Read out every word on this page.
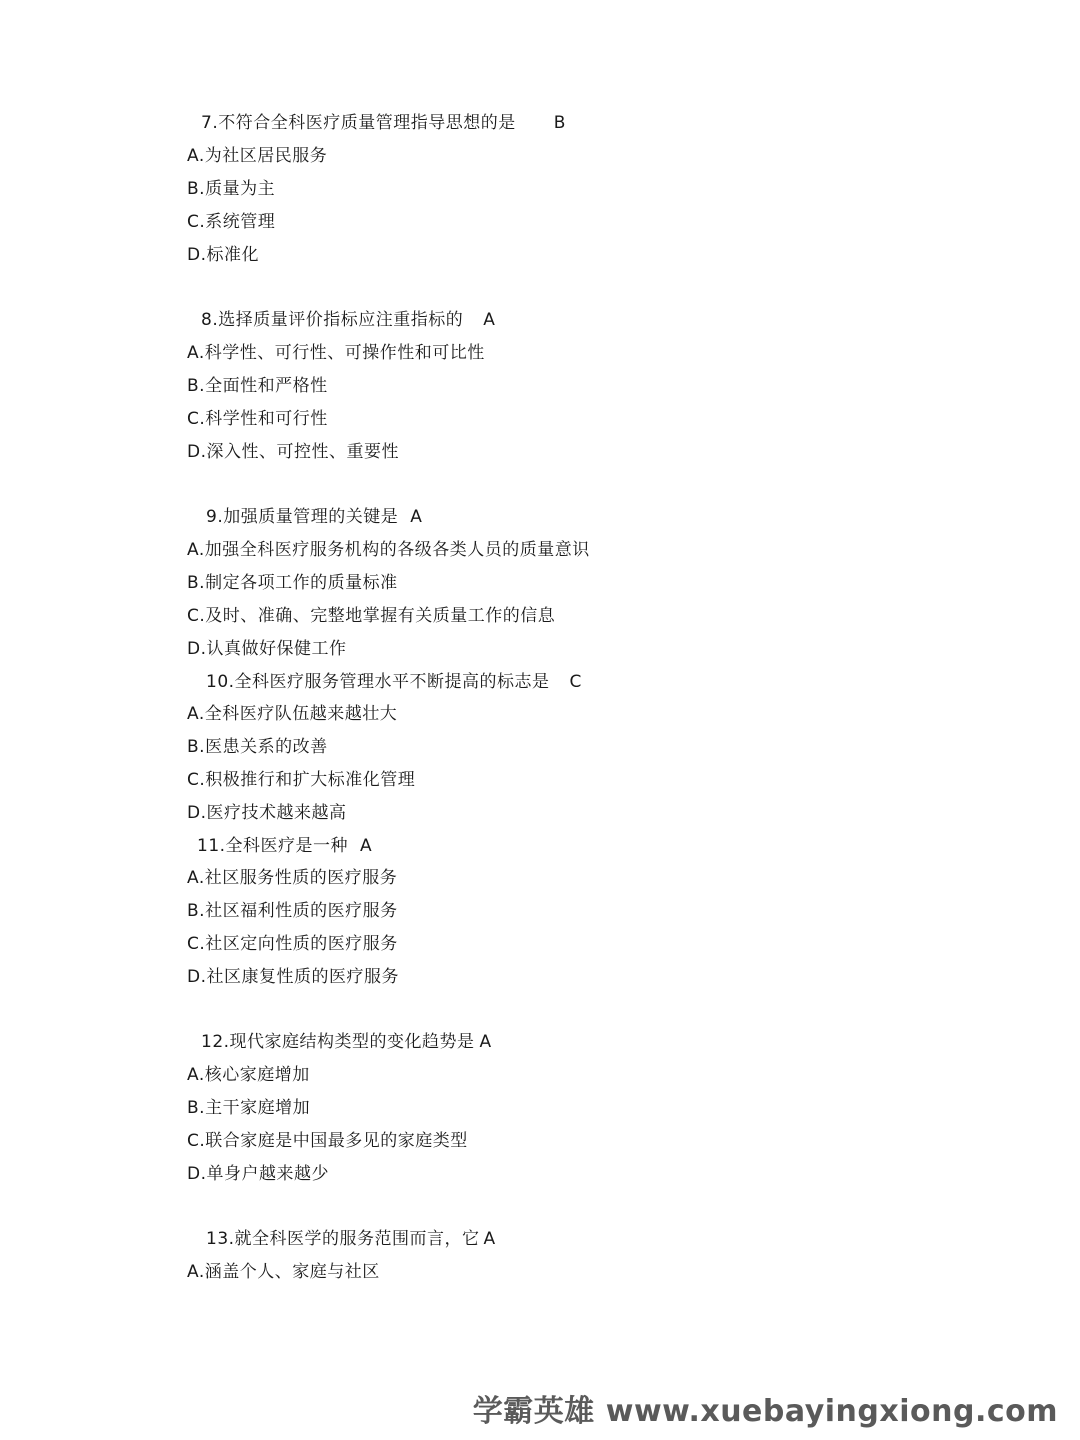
7.不符合全科医疗质量管理指导思想的是 B
A.为社区居民服务
B.质量为主
C.系统管理
D.标准化
8.选择质量评价指标应注重指标的 A
A.科学性、可行性、可操作性和可比性
B.全面性和严格性
C.科学性和可行性
D.深入性、可控性、重要性
9.加强质量管理的关键是 A
A.加强全科医疗服务机构的各级各类人员的质量意识
B.制定各项工作的质量标准
C.及时、准确、完整地掌握有关质量工作的信息
D.认真做好保健工作
10.全科医疗服务管理水平不断提高的标志是 C
A.全科医疗队伍越来越壮大
B.医患关系的改善
C.积极推行和扩大标准化管理
D.医疗技术越来越高
11.全科医疗是一种 A
A.社区服务性质的医疗服务
B.社区福利性质的医疗服务
C.社区定向性质的医疗服务
D.社区康复性质的医疗服务
12.现代家庭结构类型的变化趋势是 A
A.核心家庭增加
B.主干家庭增加
C.联合家庭是中国最多见的家庭类型
D.单身户越来越少
13.就全科医学的服务范围而言，它 A
A.涵盖个人、家庭与社区
学霸英雄 www.xuebayingxiong.com
